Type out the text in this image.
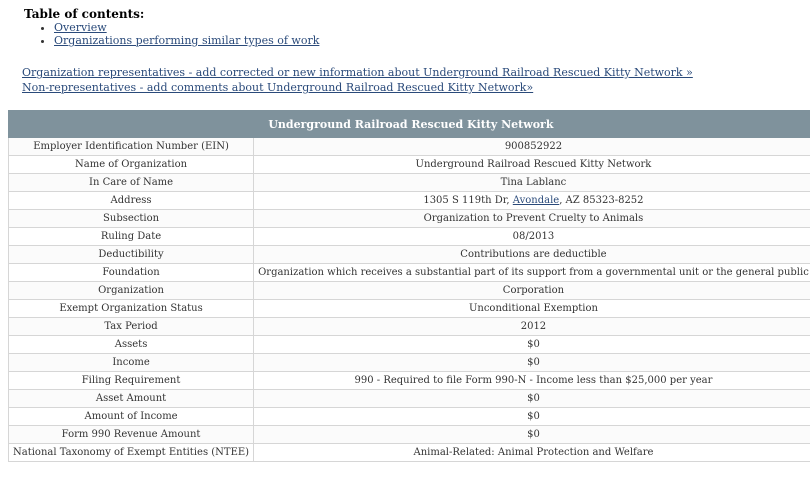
Table of contents:
• Overview
• Organizations performing similar types of work
Organization representatives - add corrected or new information about Underground Railroad Rescued Kitty Network »
Non-representatives - add comments about Underground Railroad Rescued Kitty Network»
Underground Railroad Rescued Kitty Network	
Employer Identification Number (EIN)	900852922
Name of Organization	Underground Railroad Rescued Kitty Network
In Care of Name	Tina Lablanc
Address	1305 S 119th Dr, Avondale, AZ 85323-8252
Subsection	Organization to Prevent Cruelty to Animals
Ruling Date	08/2013
Deductibility	Contributions are deductible
Foundation	Organization which receives a substantial part of its support from a governmental unit or the general public
Organization	Corporation
Exempt Organization Status	Unconditional Exemption
Tax Period	2012
Assets	$0
Income	$0
Filing Requirement	990 - Required to file Form 990-N - Income less than $25,000 per year
Asset Amount	$0
Amount of Income	$0
Form 990 Revenue Amount	$0
National Taxonomy of Exempt Entities (NTEE)	Animal-Related: Animal Protection and Welfare
